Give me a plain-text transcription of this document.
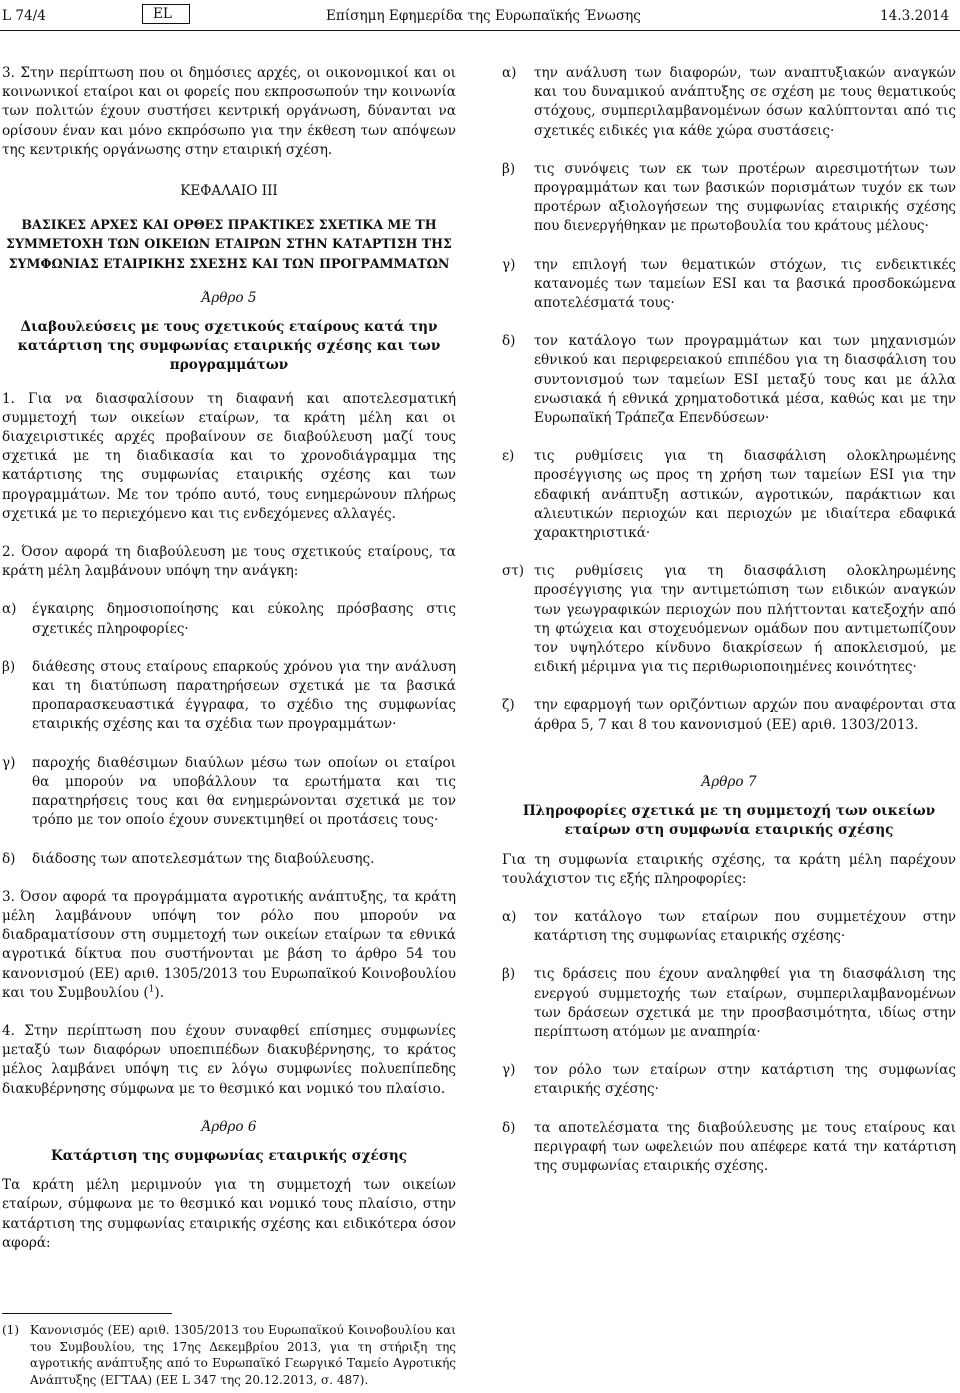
L 74/4	EL	Επίσημη Εφημερίδα της Ευρωπαϊκής Ένωσης	14.3.2014

3. Στην περίπτωση που οι δημόσιες αρχές, οι οικονομικοί και οι κοινωνικοί εταίροι και οι φορείς που εκπροσωπούν την κοινωνία των πολιτών έχουν συστήσει κεντρική οργάνωση, δύνανται να ορίσουν έναν και μόνο εκπρόσωπο για την έκθεση των απόψεων της κεντρικής οργάνωσης στην εταιρική σχέση.

ΚΕΦΑΛΑΙΟ III

ΒΑΣΙΚΕΣ ΑΡΧΕΣ ΚΑΙ ΟΡΘΕΣ ΠΡΑΚΤΙΚΕΣ ΣΧΕΤΙΚΑ ΜΕ ΤΗ ΣΥΜΜΕΤΟΧΗ ΤΩΝ ΟΙΚΕΙΩΝ ΕΤΑΙΡΩΝ ΣΤΗΝ ΚΑΤΑΡΤΙΣΗ ΤΗΣ ΣΥΜΦΩΝΙΑΣ ΕΤΑΙΡΙΚΗΣ ΣΧΕΣΗΣ ΚΑΙ ΤΩΝ ΠΡΟΓΡΑΜΜΑΤΩΝ

Άρθρο 5

Διαβουλεύσεις με τους σχετικούς εταίρους κατά την κατάρτιση της συμφωνίας εταιρικής σχέσης και των προγραμμάτων

1. Για να διασφαλίσουν τη διαφανή και αποτελεσματική συμμετοχή των οικείων εταίρων, τα κράτη μέλη και οι διαχειριστικές αρχές προβαίνουν σε διαβούλευση μαζί τους σχετικά με τη διαδικασία και το χρονοδιάγραμμα της κατάρτισης της συμφωνίας εταιρικής σχέσης και των προγραμμάτων. Με τον τρόπο αυτό, τους ενημερώνουν πλήρως σχετικά με το περιεχόμενο και τις ενδεχόμενες αλλαγές.

2. Όσον αφορά τη διαβούλευση με τους σχετικούς εταίρους, τα κράτη μέλη λαμβάνουν υπόψη την ανάγκη:

α)	έγκαιρης δημοσιοποίησης και εύκολης πρόσβασης στις σχετικές πληροφορίες·
β)	διάθεσης στους εταίρους επαρκούς χρόνου για την ανάλυση και τη διατύπωση παρατηρήσεων σχετικά με τα βασικά προπαρασκευαστικά έγγραφα, το σχέδιο της συμφωνίας εταιρικής σχέσης και τα σχέδια των προγραμμάτων·
γ)	παροχής διαθέσιμων διαύλων μέσω των οποίων οι εταίροι θα μπορούν να υποβάλλουν τα ερωτήματα και τις παρατηρήσεις τους και θα ενημερώνονται σχετικά με τον τρόπο με τον οποίο έχουν συνεκτιμηθεί οι προτάσεις τους·
δ)	διάδοσης των αποτελεσμάτων της διαβούλευσης.

3. Όσον αφορά τα προγράμματα αγροτικής ανάπτυξης, τα κράτη μέλη λαμβάνουν υπόψη τον ρόλο που μπορούν να διαδραματίσουν στη συμμετοχή των οικείων εταίρων τα εθνικά αγροτικά δίκτυα που συστήνονται με βάση το άρθρο 54 του κανονισμού (ΕΕ) αριθ. 1305/2013 του Ευρωπαϊκού Κοινοβουλίου και του Συμβουλίου ($^1$).

4. Στην περίπτωση που έχουν συναφθεί επίσημες συμφωνίες μεταξύ των διαφόρων υποεπιπέδων διακυβέρνησης, το κράτος μέλος λαμβάνει υπόψη τις εν λόγω συμφωνίες πολυεπίπεδης διακυβέρνησης σύμφωνα με το θεσμικό και νομικό του πλαίσιο.

Άρθρο 6

Κατάρτιση της συμφωνίας εταιρικής σχέσης

Τα κράτη μέλη μεριμνούν για τη συμμετοχή των οικείων εταίρων, σύμφωνα με το θεσμικό και νομικό τους πλαίσιο, στην κατάρτιση της συμφωνίας εταιρικής σχέσης και ειδικότερα όσον αφορά:

(1) Κανονισμός (ΕΕ) αριθ. 1305/2013 του Ευρωπαϊκού Κοινοβουλίου και του Συμβουλίου, της 17ης Δεκεμβρίου 2013, για τη στήριξη της αγροτικής ανάπτυξης από το Ευρωπαϊκό Γεωργικό Ταμείο Αγροτικής Ανάπτυξης (ΕΓΤΑΑ) (ΕΕ L 347 της 20.12.2013, σ. 487).
α)	την ανάλυση των διαφορών, των αναπτυξιακών αναγκών και του δυναμικού ανάπτυξης σε σχέση με τους θεματικούς στόχους, συμπεριλαμβανομένων όσων καλύπτονται από τις σχετικές ειδικές για κάθε χώρα συστάσεις·
β)	τις συνόψεις των εκ των προτέρων αιρεσιμοτήτων των προγραμμάτων και των βασικών πορισμάτων τυχόν εκ των προτέρων αξιολογήσεων της συμφωνίας εταιρικής σχέσης που διενεργήθηκαν με πρωτοβουλία του κράτους μέλους·
γ)	την επιλογή των θεματικών στόχων, τις ενδεικτικές κατανομές των ταμείων ESI και τα βασικά προσδοκώμενα αποτελέσματά τους·
δ)	τον κατάλογο των προγραμμάτων και των μηχανισμών εθνικού και περιφερειακού επιπέδου για τη διασφάλιση του συντονισμού των ταμείων ESI μεταξύ τους και με άλλα ενωσιακά ή εθνικά χρηματοδοτικά μέσα, καθώς και με την Ευρωπαϊκή Τράπεζα Επενδύσεων·
ε)	τις ρυθμίσεις για τη διασφάλιση ολοκληρωμένης προσέγγισης ως προς τη χρήση των ταμείων ESI για την εδαφική ανάπτυξη αστικών, αγροτικών, παράκτιων και αλιευτικών περιοχών και περιοχών με ιδιαίτερα εδαφικά χαρακτηριστικά·
στ) τις ρυθμίσεις για τη διασφάλιση ολοκληρωμένης προσέγγισης για την αντιμετώπιση των ειδικών αναγκών των γεωγραφικών περιοχών που πλήττονται κατεξοχήν από τη φτώχεια και στοχευόμενων ομάδων που αντιμετωπίζουν τον υψηλότερο κίνδυνο διακρίσεων ή αποκλεισμού, με ειδική μέριμνα για τις περιθωριοποιημένες κοινότητες·
ζ)	την εφαρμογή των οριζόντιων αρχών που αναφέρονται στα άρθρα 5, 7 και 8 του κανονισμού (ΕΕ) αριθ. 1303/2013.

Άρθρο 7

Πληροφορίες σχετικά με τη συμμετοχή των οικείων εταίρων στη συμφωνία εταιρικής σχέσης

Για τη συμφωνία εταιρικής σχέσης, τα κράτη μέλη παρέχουν τουλάχιστον τις εξής πληροφορίες:

α)	τον κατάλογο των εταίρων που συμμετέχουν στην κατάρτιση της συμφωνίας εταιρικής σχέσης·
β)	τις δράσεις που έχουν αναληφθεί για τη διασφάλιση της ενεργού συμμετοχής των εταίρων, συμπεριλαμβανομένων των δράσεων σχετικά με την προσβασιμότητα, ιδίως στην περίπτωση ατόμων με αναπηρία·
γ)	τον ρόλο των εταίρων στην κατάρτιση της συμφωνίας εταιρικής σχέσης·
δ)	τα αποτελέσματα της διαβούλευσης με τους εταίρους και περιγραφή των ωφελειών που απέφερε κατά την κατάρτιση της συμφωνίας εταιρικής σχέσης.
